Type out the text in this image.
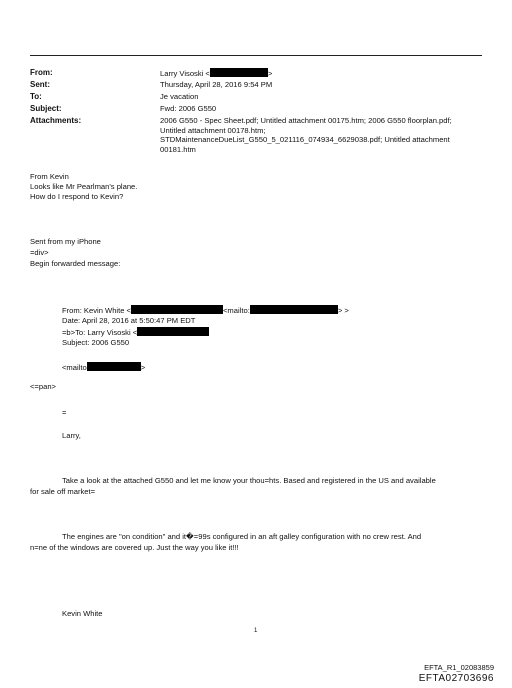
From:	Larry Visoski <	>
Sent:	Thursday, April 28, 2016 9:54 PM
To:	Je vacation
Subject:	Fwd: 2006 G550
Attachments:	2006 G550 - Spec Sheet.pdf; Untitled attachment 00175.htm; 2006 G550 floorplan.pdf; Untitled attachment 00178.htm; STDMaintenanceDueList_G550_5_021116_074934_6629038.pdf; Untitled attachment 00181.htm
From Kevin
Looks like Mr Pearlman's plane.
How do I respond to Kevin?
Sent from my iPhone
=div>
Begin forwarded message:
From: Kevin White <	<mailto:	> >
Date: April 28, 2016 at 5:50:47 PM EDT
=b>To: Larry Visoski <
Subject: 2006 G550
<mailto	>
<=pan>
=
Larry,
Take a look at the attached G550 and let me know your thou=hts. Based and registered in the US and available
for sale off market=
The engines are "on condition" and it�=99s configured in an aft galley configuration with no crew rest. And
n=ne of the windows are covered up. Just the way you like it!!!
Kevin White
1
EFTA_R1_02083859
EFTA02703696
